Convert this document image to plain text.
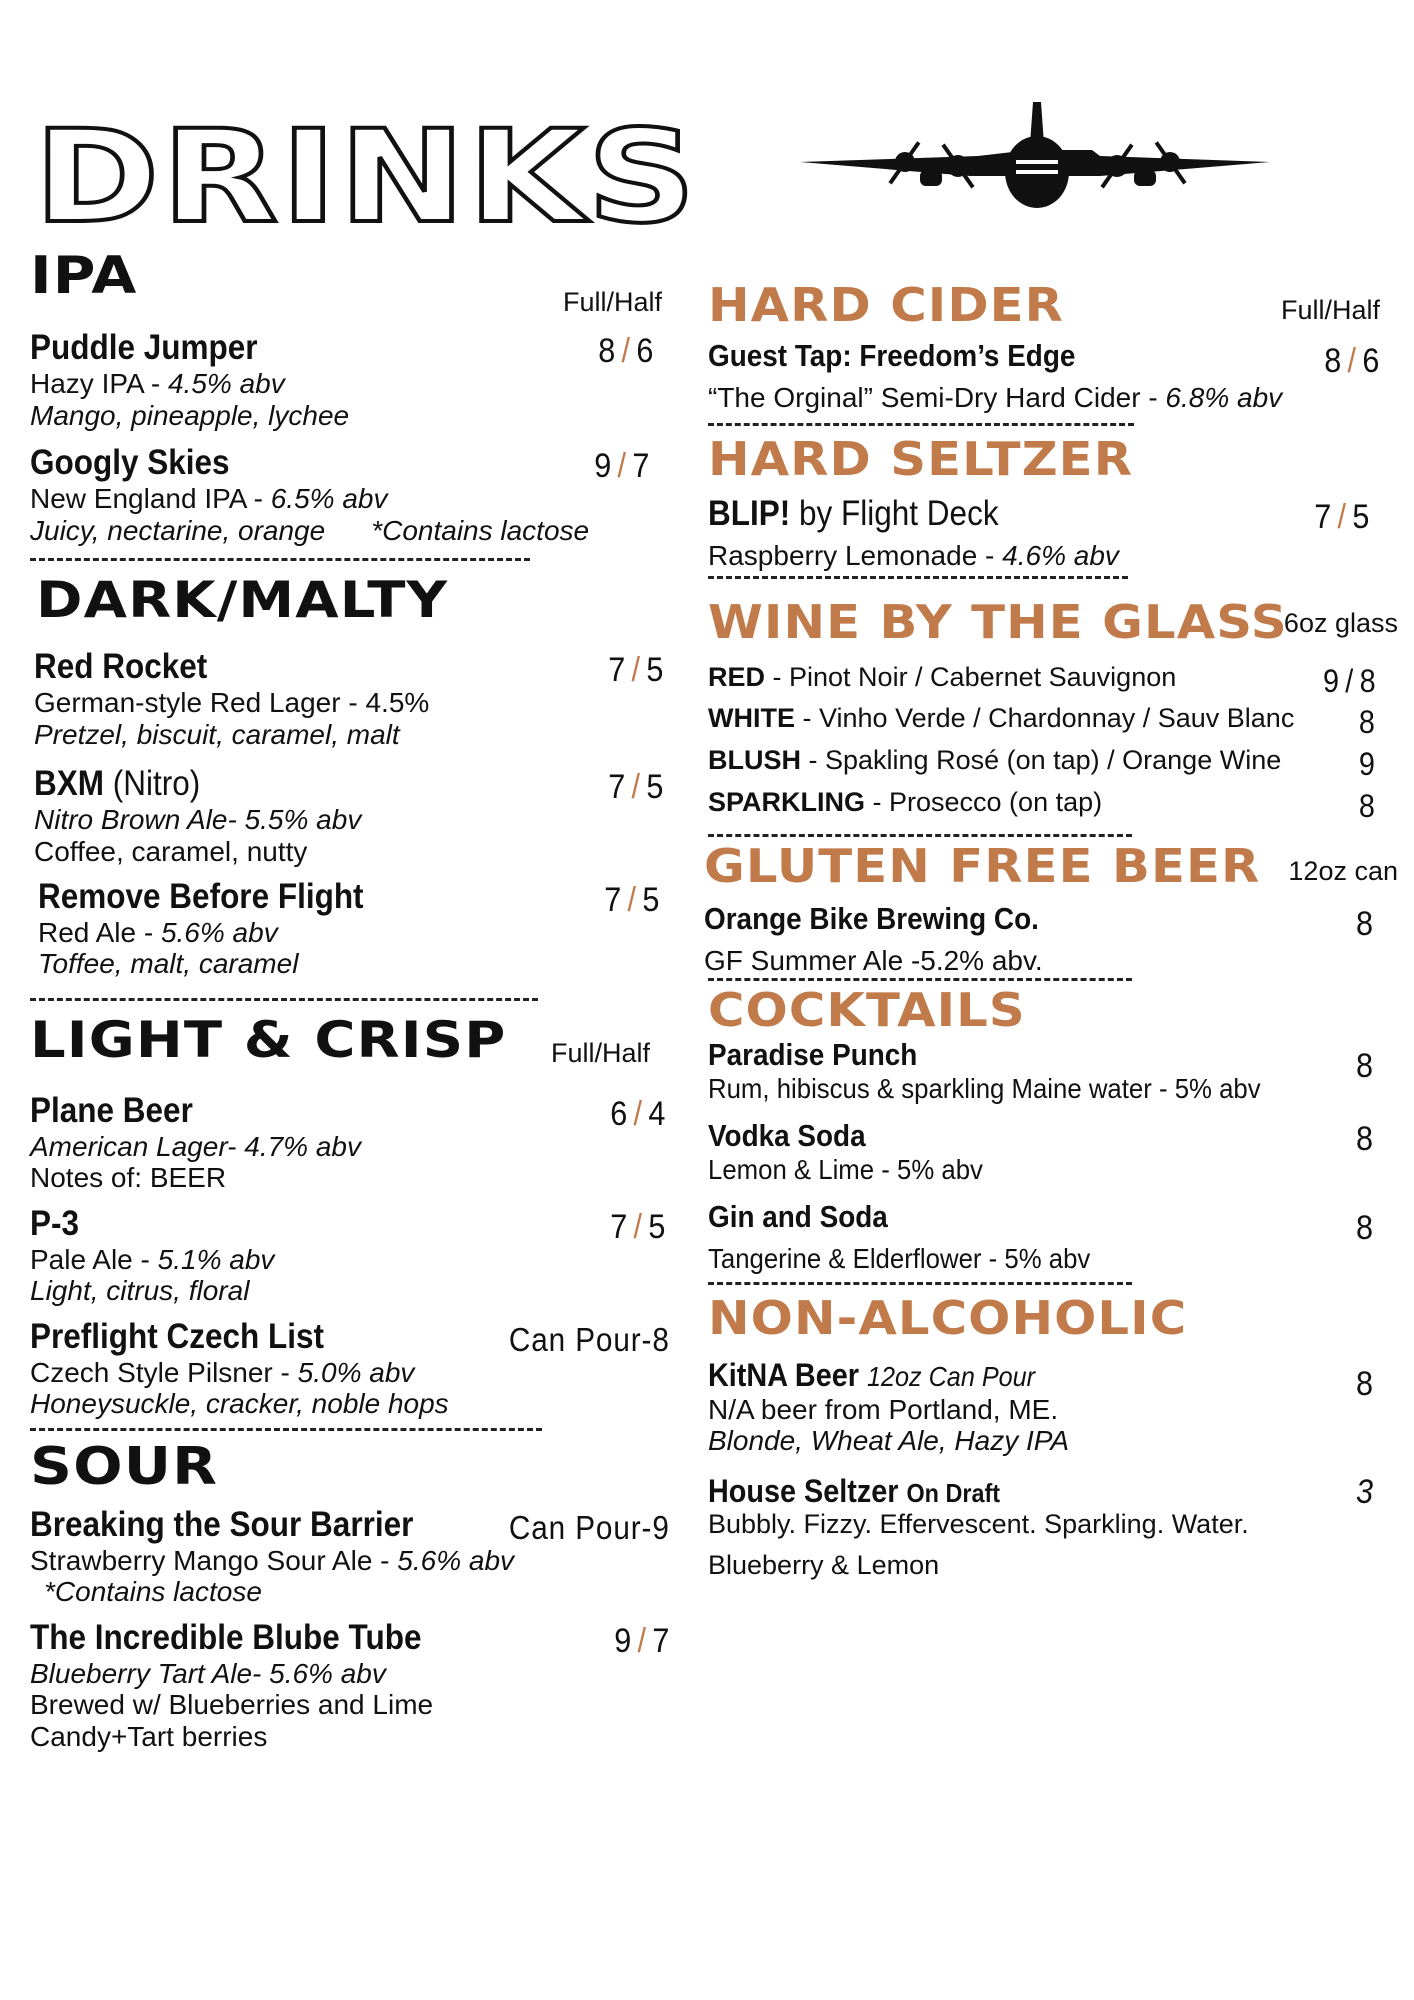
DRINKS
IPA	Full/Half
Puddle Jumper	8 / 6
Hazy IPA - 4.5% abv
Mango, pineapple, lychee
Googly Skies	9 / 7
New England IPA - 6.5% abv
Juicy, nectarine, orange *Contains lactose
DARK/MALTY
Red Rocket	7 / 5
German-style Red Lager - 4.5%
Pretzel, biscuit, caramel, malt
BXM (Nitro)	7 / 5
Nitro Brown Ale- 5.5% abv
Coffee, caramel, nutty
Remove Before Flight	7 / 5
Red Ale - 5.6% abv
Toffee, malt, caramel
LIGHT & CRISP Full/Half
Plane Beer	6 / 4
American Lager- 4.7% abv
Notes of: BEER
P-3	7 / 5
Pale Ale - 5.1% abv
Light, citrus, floral
Preflight Czech List	Can Pour-8
Czech Style Pilsner - 5.0% abv
Honeysuckle, cracker, noble hops
SOUR
Breaking the Sour Barrier	Can Pour-9
Strawberry Mango Sour Ale - 5.6% abv
*Contains lactose
The Incredible Blube Tube	9 / 7
Blueberry Tart Ale- 5.6% abv
Brewed w/ Blueberries and Lime
Candy+Tart berries
HARD CIDER	Full/Half
Guest Tap: Freedom’s Edge	8 / 6
“The Orginal” Semi-Dry Hard Cider - 6.8% abv
HARD SELTZER
BLIP! by Flight Deck	7 / 5
Raspberry Lemonade - 4.6% abv
WINE BY THE GLASS
6oz glass
RED - Pinot Noir / Cabernet Sauvignon	9 / 8
WHITE - Vinho Verde / Chardonnay / Sauv Blanc 8
BLUSH - Spakling Rosé (on tap) / Orange Wine 9
SPARKLING - Prosecco (on tap)	8
GLUTEN FREE BEER 12oz can
Orange Bike Brewing Co.	8
GF Summer Ale -5.2% abv.
COCKTAILS
Paradise Punch	8
Rum, hibiscus & sparkling Maine water - 5% abv
Vodka Soda	8
Lemon & Lime - 5% abv
Gin and Soda	8
Tangerine & Elderflower - 5% abv
NON-ALCOHOLIC
KitNA Beer 12oz Can Pour	8
N/A beer from Portland, ME.
Blonde, Wheat Ale, Hazy IPA
House Seltzer On Draft	3
Bubbly. Fizzy. Effervescent. Sparkling. Water.
Blueberry & Lemon
